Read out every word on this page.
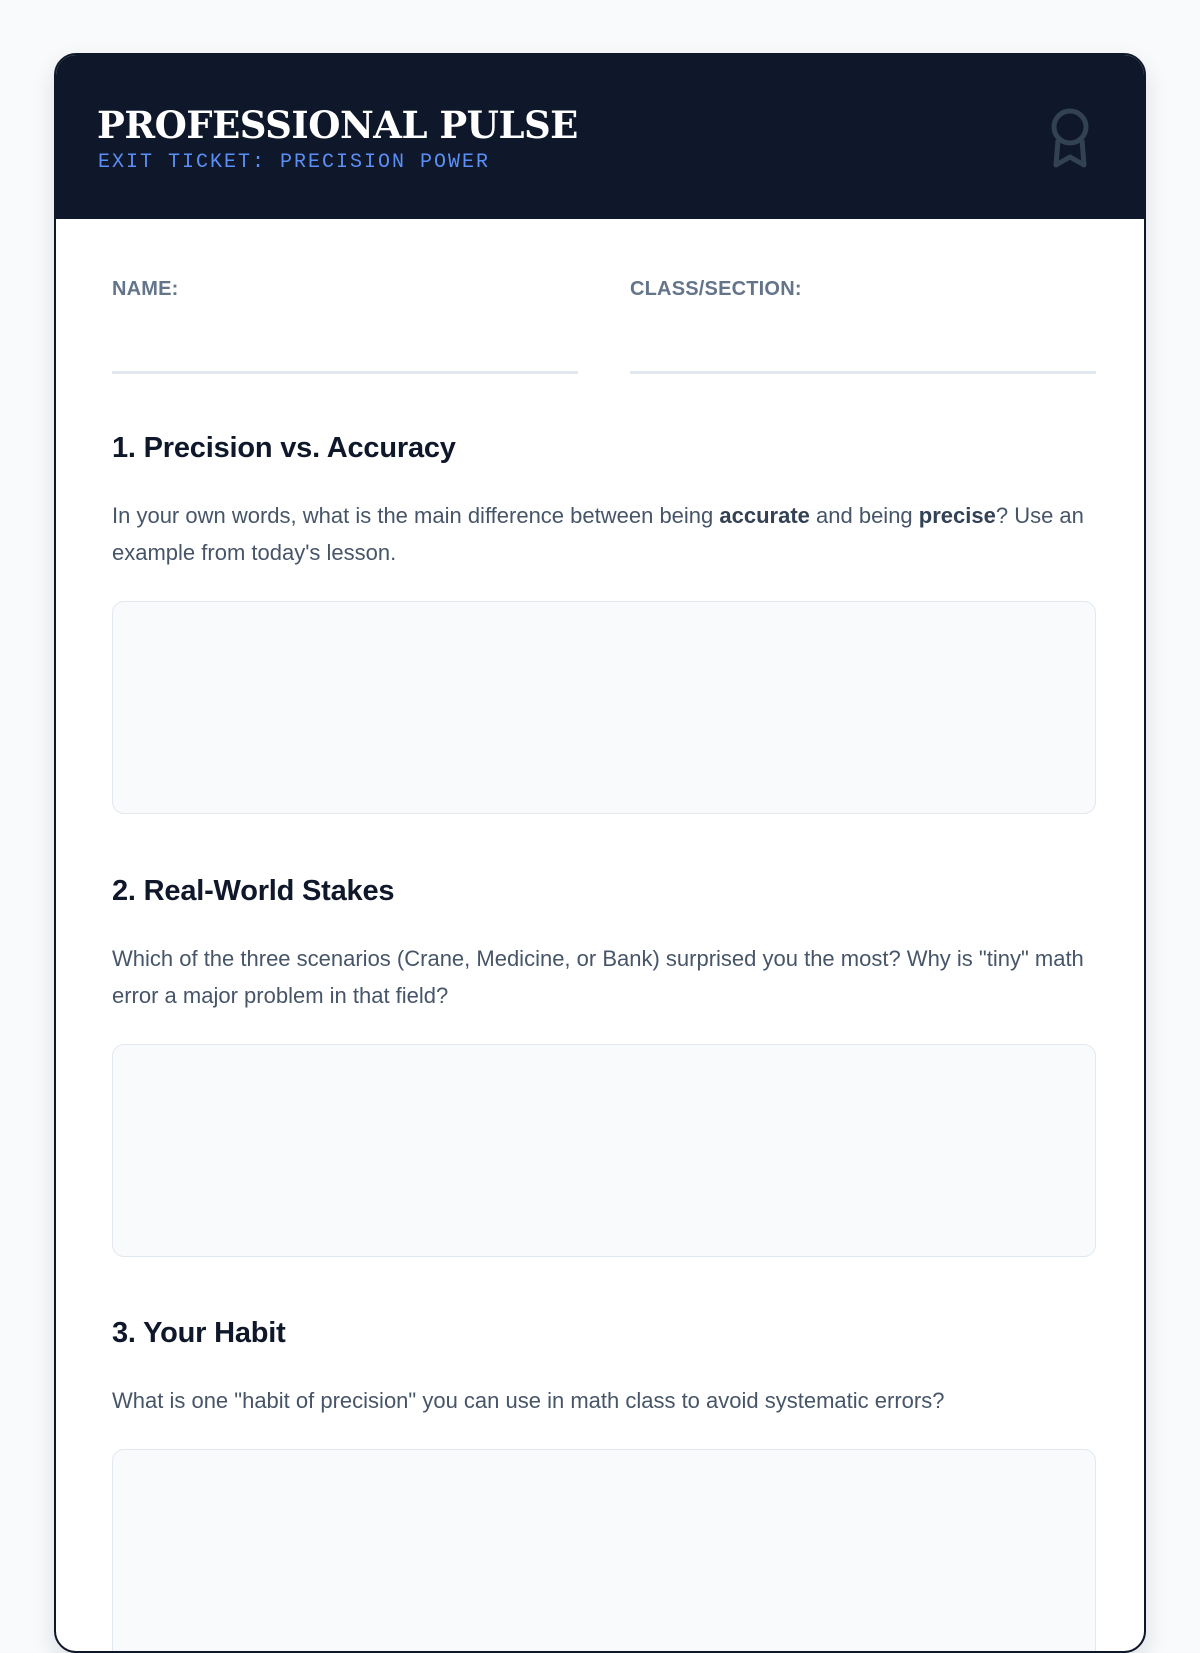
PROFESSIONAL PULSE
EXIT TICKET: PRECISION POWER
NAME:	CLASS/SECTION:
1. Precision vs. Accuracy

In your own words, what is the main difference between being accurate and being precise? Use an example from today's lesson.

2. Real-World Stakes

Which of the three scenarios (Crane, Medicine, or Bank) surprised you the most? Why is "tiny" math error a major problem in that field?

3. Your Habit

What is one "habit of precision" you can use in math class to avoid systematic errors?
